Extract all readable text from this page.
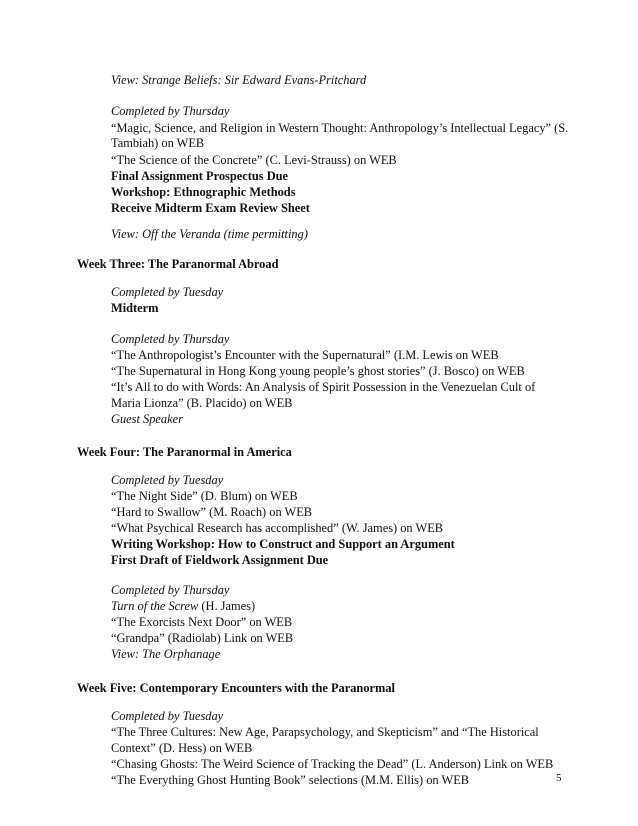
View: Strange Beliefs: Sir Edward Evans-Pritchard
Completed by Thursday
“Magic, Science, and Religion in Western Thought: Anthropology’s Intellectual Legacy” (S.
Tambiah) on WEB
“The Science of the Concrete” (C. Levi-Strauss) on WEB
Final Assignment Prospectus Due
Workshop: Ethnographic Methods
Receive Midterm Exam Review Sheet
View: Off the Veranda (time permitting)
Week Three: The Paranormal Abroad
Completed by Tuesday
Midterm
Completed by Thursday
“The Anthropologist’s Encounter with the Supernatural” (I.M. Lewis on WEB
“The Supernatural in Hong Kong young people’s ghost stories” (J. Bosco) on WEB
“It’s All to do with Words: An Analysis of Spirit Possession in the Venezuelan Cult of
Maria Lionza” (B. Placido) on WEB
Guest Speaker
Week Four: The Paranormal in America
Completed by Tuesday
“The Night Side” (D. Blum) on WEB
“Hard to Swallow” (M. Roach) on WEB
“What Psychical Research has accomplished” (W. James) on WEB
Writing Workshop: How to Construct and Support an Argument
First Draft of Fieldwork Assignment Due
Completed by Thursday
Turn of the Screw (H. James)
“The Exorcists Next Door” on WEB
“Grandpa” (Radiolab) Link on WEB
View: The Orphanage
Week Five: Contemporary Encounters with the Paranormal
Completed by Tuesday
“The Three Cultures: New Age, Parapsychology, and Skepticism” and “The Historical
Context” (D. Hess) on WEB
“Chasing Ghosts: The Weird Science of Tracking the Dead” (L. Anderson) Link on WEB
“The Everything Ghost Hunting Book” selections (M.M. Ellis) on WEB	5
